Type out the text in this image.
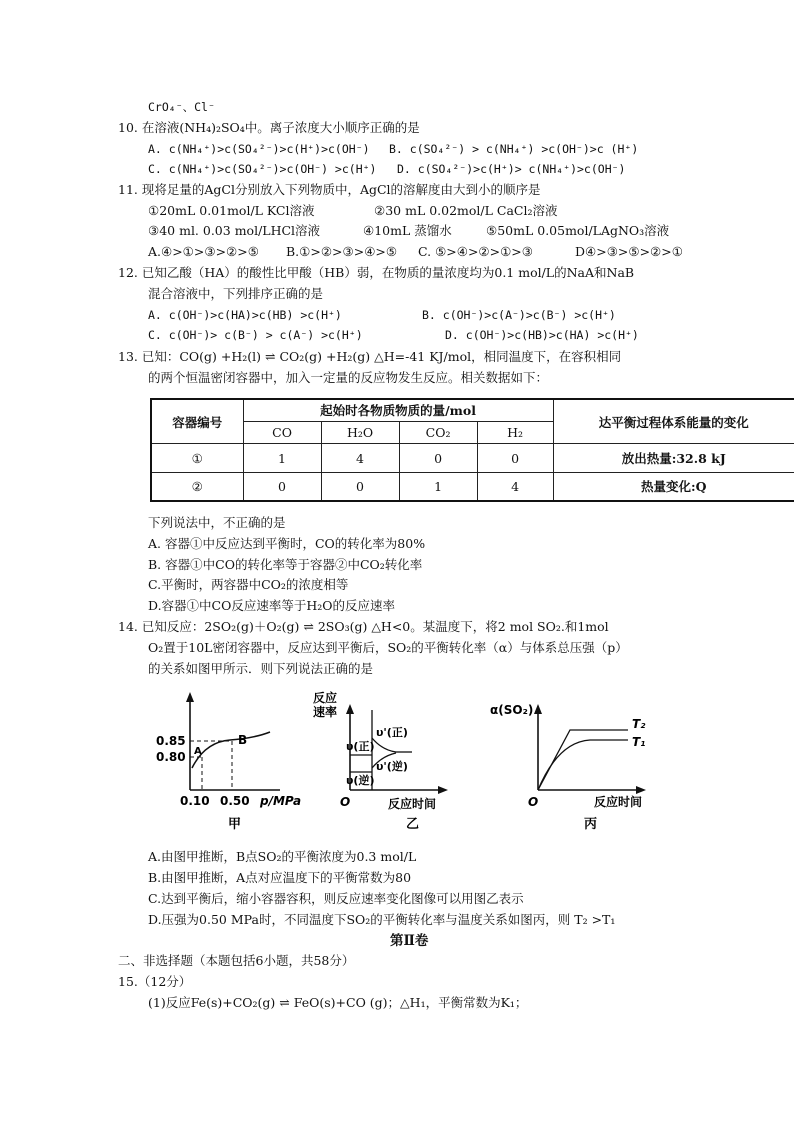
CrO₄⁻、Cl⁻
10. 在溶液(NH₄)₂SO₄中。离子浓度大小顺序正确的是
A. c(NH₄⁺)>c(SO₄²⁻)>c(H⁺)>c(OH⁻) B. c(SO₄²⁻) > c(NH₄⁺) >c(OH⁻)>c (H⁺)
C. c(NH₄⁺)>c(SO₄²⁻)>c(OH⁻) >c(H⁺) D. c(SO₄²⁻)>c(H⁺)> c(NH₄⁺)>c(OH⁻)
11. 现将足量的AgCl分别放入下列物质中，AgCl的溶解度由大到小的顺序是
①20mL 0.01mol/L KCl溶液	②30 mL 0.02mol/L CaCl₂溶液
③40 ml. 0.03 mol/LHCl溶液	④10mL 蒸馏水	⑤50mL 0.05mol/LAgNO₃溶液
A.④>①>③>②>⑤ B.①>②>③>④>⑤ C. ⑤>④>②>①>③	D④>③>⑤>②>①
12. 已知乙酸（HA）的酸性比甲酸（HB）弱，在物质的量浓度均为0.1 mol/L的NaA和NaB
混合溶液中，下列排序正确的是
A. c(OH⁻)>c(HA)>c(HB) >c(H⁺)	B. c(OH⁻)>c(A⁻)>c(B⁻) >c(H⁺)
C. c(OH⁻)> c(B⁻) > c(A⁻) >c(H⁺)	D. c(OH⁻)>c(HB)>c(HA) >c(H⁺)
13. 已知：CO(g) +H₂(l) ⇌ CO₂(g) +H₂(g) △H=-41 KJ/mol，相同温度下，在容积相同
的两个恒温密闭容器中，加入一定量的反应物发生反应。相关数据如下：
容器编号	起始时各物质物质的量/mol				达平衡过程体系能量的变化
	CO	H₂O	CO₂	H₂	
①	1	4	0	0	放出热量:32.8 kJ
②	0	0	1	4	热量变化:Q
下列说法中，不正确的是
A. 容器①中反应达到平衡时，CO的转化率为80%
B. 容器①中CO的转化率等于容器②中CO₂转化率
C.平衡时，两容器中CO₂的浓度相等
D.容器①中CO反应速率等于H₂O的反应速率
14. 已知反应：2SO₂(g)＋O₂(g) ⇌ 2SO₃(g) △H<0。某温度下，将2 mol SO₂.和1mol
O₂置于10L密闭容器中，反应达到平衡后，SO₂的平衡转化率（α）与体系总压强（p）
的关系如图甲所示．则下列说法正确的是
0.85
0.80 A
B
0.10 0.50 p/MPa
甲
反应
速率
υ(正)
υ(逆)
υ'(正)
υ'(逆)
O	反应时间
乙
α(SO₂)
T₂
T₁
O	反应时间
丙
A.由图甲推断，B点SO₂的平衡浓度为0.3 mol/L
B.由图甲推断，A点对应温度下的平衡常数为80
C.达到平衡后，缩小容器容积，则反应速率变化图像可以用图乙表示
D.压强为0.50 MPa时，不同温度下SO₂的平衡转化率与温度关系如图丙，则 T₂ >T₁
第Ⅱ卷
二、非选择题（本题包括6小题，共58分）
15.（12分）
(1)反应Fe(s)+CO₂(g) ⇌ FeO(s)+CO (g)；△H₁，平衡常数为K₁；
